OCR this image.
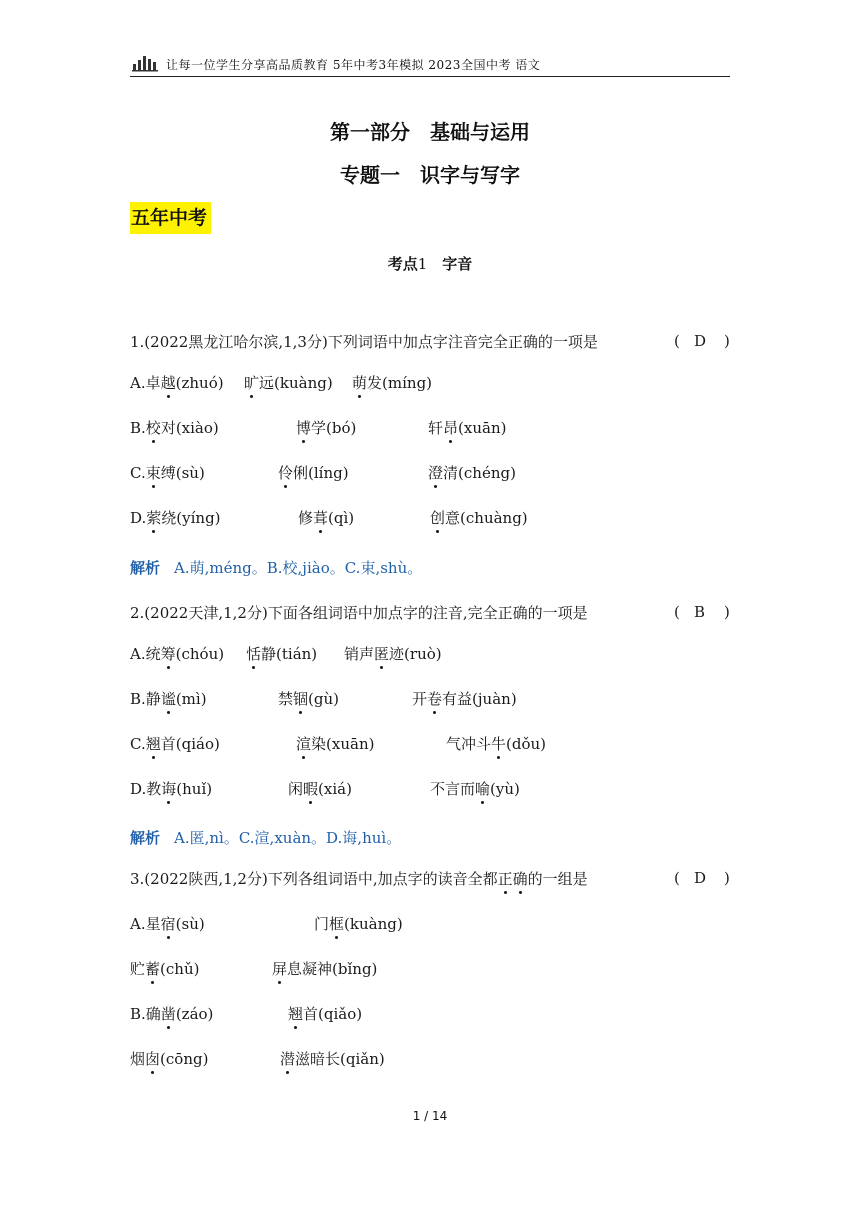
让每一位学生分享高品质教育 5年中考3年模拟 2023全国中考 语文
第一部分　基础与运用
专题一　识字与写字
五年中考
考点1　 字音
1.(2022黑龙江哈尔滨,1,3分)下列词语中加点字注音完全正确的一项是	( D )
A.卓越(zhuó) 旷远(kuàng) 萌发(míng)
B.校对(xiào)	博学(bó)	轩昂(xuān)
C.束缚(sù)	伶俐(líng)	澄清(chéng)
D.萦绕(yíng)	修葺(qì)	创意(chuàng)
解析 A.萌,méng。B.校,jiào。C.束,shù。
2.(2022天津,1,2分)下面各组词语中加点字的注音,完全正确的一项是	( B )
A.统筹(chóu) 恬静(tián) 销声匿迹(ruò)
B.静谧(mì)	禁锢(gù)	开卷有益(juàn)
C.翘首(qiáo)	渲染(xuān)	气冲斗牛(dǒu)
D.教诲(huǐ)	闲暇(xiá)	不言而喻(yù)
解析 A.匿,nì。C.渲,xuàn。D.诲,huì。
3.(2022陕西,1,2分)下列各组词语中,加点字的读音全都正确的一组是	( D )
A.星宿(sù)	门框(kuàng)
贮蓄(chǔ)	屏息凝神(bǐng)
B.确凿(záo)	翘首(qiǎo)
烟囱(cōng)	潜滋暗长(qiǎn)
1 / 14
